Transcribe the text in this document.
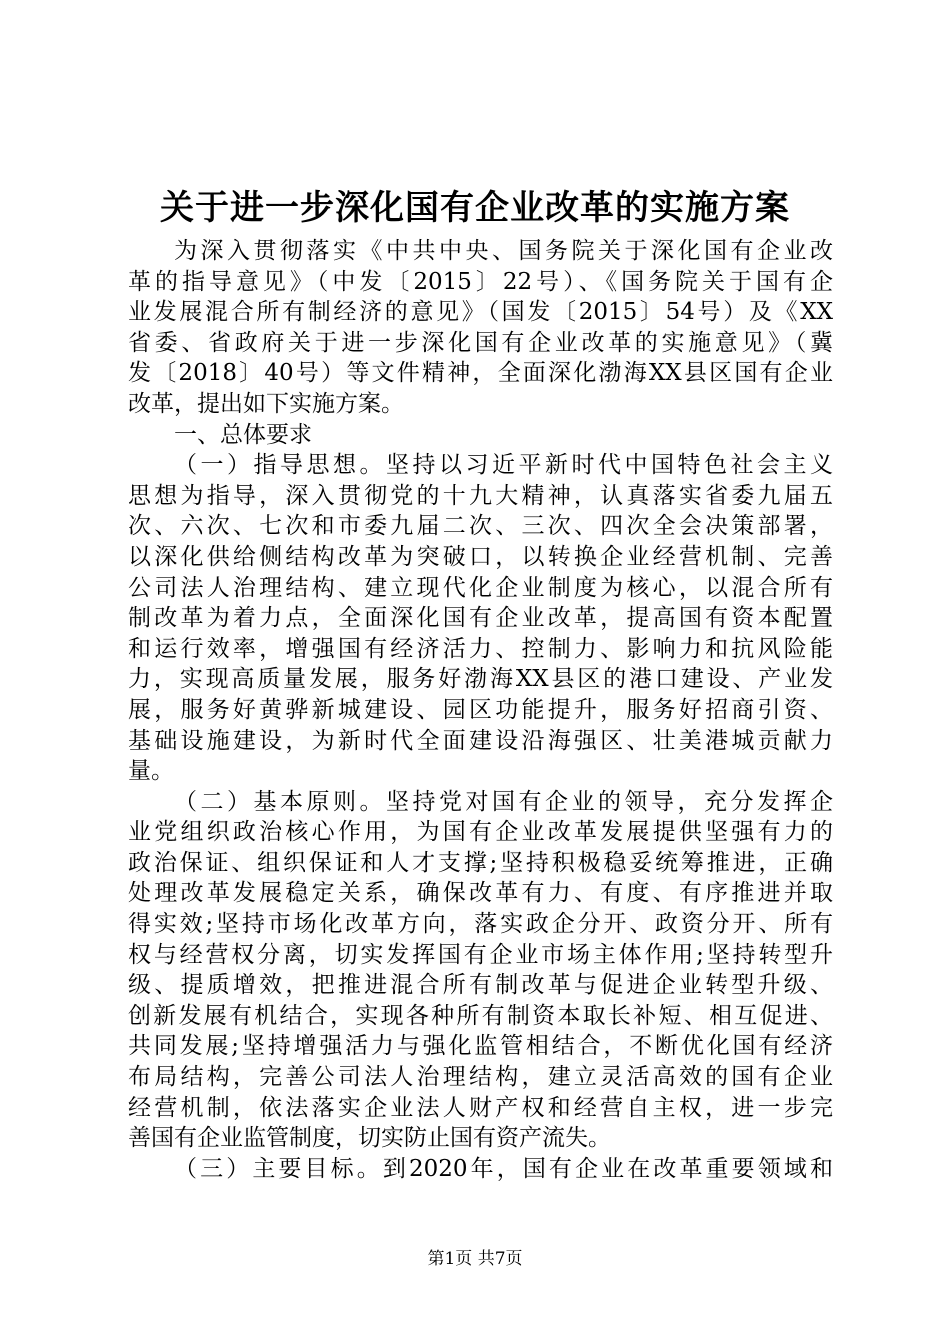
关于进一步深化国有企业改革的实施方案
为深入贯彻落实《中共中央、国务院关于深化国有企业改
革的指导意见》（中发〔2015〕22号）、《国务院关于国有企
业发展混合所有制经济的意见》（国发〔2015〕54号）及《XX
省委、省政府关于进一步深化国有企业改革的实施意见》（冀
发〔2018〕40号）等文件精神，全面深化渤海XX县区国有企业
改革，提出如下实施方案。
一、总体要求
（一）指导思想。坚持以习近平新时代中国特色社会主义
思想为指导，深入贯彻党的十九大精神，认真落实省委九届五
次、六次、七次和市委九届二次、三次、四次全会决策部署，
以深化供给侧结构改革为突破口，以转换企业经营机制、完善
公司法人治理结构、建立现代化企业制度为核心，以混合所有
制改革为着力点，全面深化国有企业改革，提高国有资本配置
和运行效率，增强国有经济活力、控制力、影响力和抗风险能
力，实现高质量发展，服务好渤海XX县区的港口建设、产业发
展，服务好黄骅新城建设、园区功能提升，服务好招商引资、
基础设施建设，为新时代全面建设沿海强区、壮美港城贡献力
量。
（二）基本原则。坚持党对国有企业的领导，充分发挥企
业党组织政治核心作用，为国有企业改革发展提供坚强有力的
政治保证、组织保证和人才支撑;坚持积极稳妥统筹推进，正确
处理改革发展稳定关系，确保改革有力、有度、有序推进并取
得实效;坚持市场化改革方向，落实政企分开、政资分开、所有
权与经营权分离，切实发挥国有企业市场主体作用;坚持转型升
级、提质增效，把推进混合所有制改革与促进企业转型升级、
创新发展有机结合，实现各种所有制资本取长补短、相互促进、
共同发展;坚持增强活力与强化监管相结合，不断优化国有经济
布局结构，完善公司法人治理结构，建立灵活高效的国有企业
经营机制，依法落实企业法人财产权和经营自主权，进一步完
善国有企业监管制度，切实防止国有资产流失。
（三）主要目标。到2020年，国有企业在改革重要领域和
第1页 共7页
